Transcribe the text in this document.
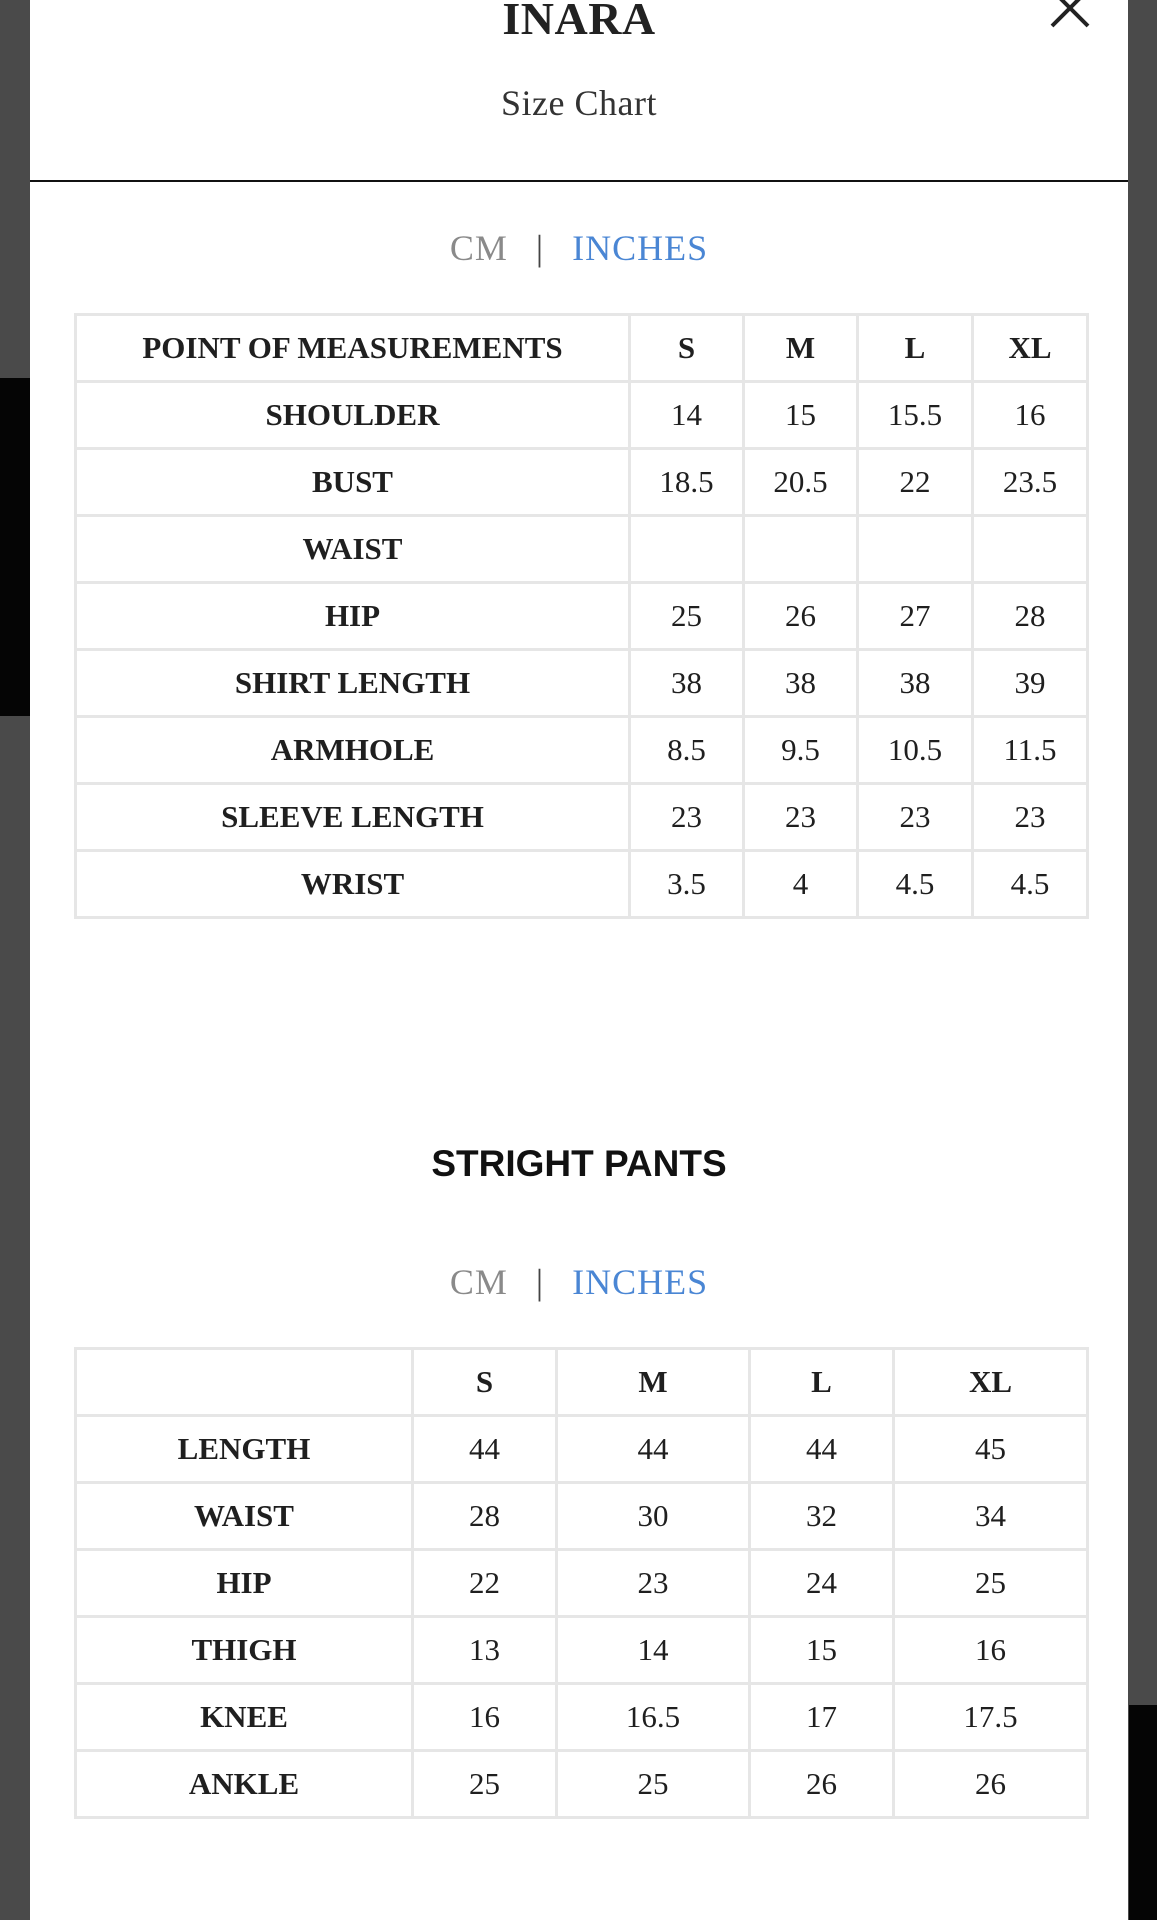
INARA
Size Chart
CM | INCHES
POINT OF MEASUREMENTS	S	M	L	XL
SHOULDER	14	15	15.5	16
BUST	18.5	20.5	22	23.5
WAIST				
HIP	25	26	27	28
SHIRT LENGTH	38	38	38	39
ARMHOLE	8.5	9.5	10.5	11.5
SLEEVE LENGTH	23	23	23	23
WRIST	3.5	4	4.5	4.5
STRIGHT PANTS
CM | INCHES
	S	M	L	XL
LENGTH	44	44	44	45
WAIST	28	30	32	34
HIP	22	23	24	25
THIGH	13	14	15	16
KNEE	16	16.5	17	17.5
ANKLE	25	25	26	26
